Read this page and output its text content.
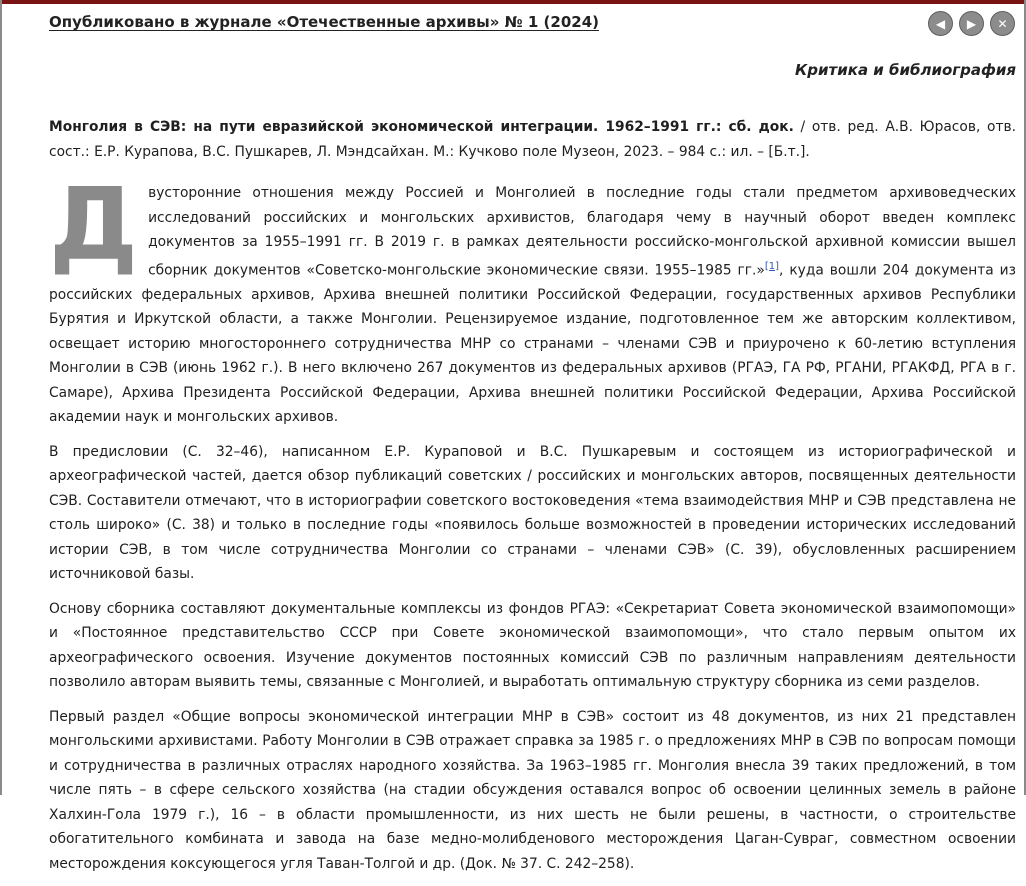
Опубликовано в журнале «Отечественные архивы» № 1 (2024)	◀ ▶ ✕
Критика и библиография
Монголия в СЭВ: на пути евразийской экономической интеграции. 1962–1991 гг.: сб. док. / отв. ред. А.В. Юрасов, отв. сост.: Е.Р. Курапова, В.С. Пушкарев, Л. Мэндсайхан. М.: Кучково поле Музеон, 2023. – 984 с.: ил. – [Б.т.].

Двусторонние отношения между Россией и Монголией в последние годы стали предметом архивоведческих исследований российских и монгольских архивистов, благодаря чему в научный оборот введен комплекс документов за 1955–1991 гг. В 2019 г. в рамках деятельности российско-монгольской архивной комиссии вышел сборник документов «Советско-монгольские экономические связи. 1955–1985 гг.»[1], куда вошли 204 документа из российских федеральных архивов, Архива внешней политики Российской Федерации, государственных архивов Республики Бурятия и Иркутской области, а также Монголии. Рецензируемое издание, подготовленное тем же авторским коллективом, освещает историю многостороннего сотрудничества МНР со странами – членами СЭВ и приурочено к 60-летию вступления Монголии в СЭВ (июнь 1962 г.). В него включено 267 документов из федеральных архивов (РГАЭ, ГА РФ, РГАНИ, РГАКФД, РГА в г. Самаре), Архива Президента Российской Федерации, Архива внешней политики Российской Федерации, Архива Российской академии наук и монгольских архивов.

В предисловии (С. 32–46), написанном Е.Р. Кураповой и В.С. Пушкаревым и состоящем из историографической и археографической частей, дается обзор публикаций советских / российских и монгольских авторов, посвященных деятельности СЭВ. Составители отмечают, что в историографии советского востоковедения «тема взаимодействия МНР и СЭВ представлена не столь широко» (С. 38) и только в последние годы «появилось больше возможностей в проведении исторических исследований истории СЭВ, в том числе сотрудничества Монголии со странами – членами СЭВ» (С. 39), обусловленных расширением источниковой базы.

Основу сборника составляют документальные комплексы из фондов РГАЭ: «Секретариат Совета экономической взаимопомощи» и «Постоянное представительство СССР при Совете экономической взаимопомощи», что стало первым опытом их археографического освоения. Изучение документов постоянных комиссий СЭВ по различным направлениям деятельности позволило авторам выявить темы, связанные с Монголией, и выработать оптимальную структуру сборника из семи разделов.

Первый раздел «Общие вопросы экономической интеграции МНР в СЭВ» состоит из 48 документов, из них 21 представлен монгольскими архивистами. Работу Монголии в СЭВ отражает справка за 1985 г. о предложениях МНР в СЭВ по вопросам помощи и сотрудничества в различных отраслях народного хозяйства. За 1963–1985 гг. Монголия внесла 39 таких предложений, в том числе пять – в сфере сельского хозяйства (на стадии обсуждения оставался вопрос об освоении целинных земель в районе Халхин-Гола 1979 г.), 16 – в области промышленности, из них шесть не были решены, в частности, о строительстве обогатительного комбината и завода на базе медно-молибденового месторождения Цаган-Сувраг, совместном освоении месторождения коксующегося угля Таван-Толгой и др. (Док. № 37. С. 242–258).
